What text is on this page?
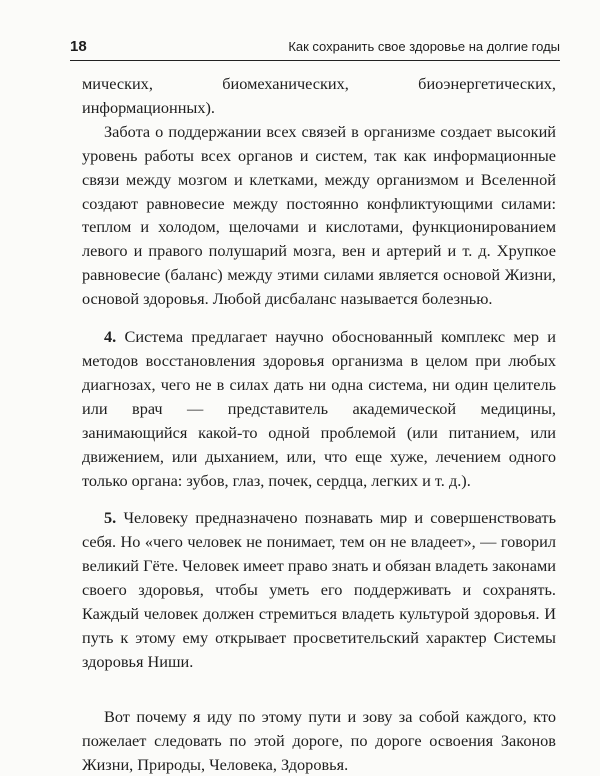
18	Как сохранить свое здоровье на долгие годы

мических, биомеханических, биоэнергетических, информационных).

Забота о поддержании всех связей в организме создает высокий уровень работы всех органов и систем, так как информационные связи между мозгом и клетками, между организмом и Вселенной создают равновесие между постоянно конфликтующими силами: теплом и холодом, щелочами и кислотами, функционированием левого и правого полушарий мозга, вен и артерий и т. д. Хрупкое равновесие (баланс) между этими силами является основой Жизни, основой здоровья. Любой дисбаланс называется болезнью.

4. Система предлагает научно обоснованный комплекс мер и методов восстановления здоровья организма в целом при любых диагнозах, чего не в силах дать ни одна система, ни один целитель или врач — представитель академической медицины, занимающийся какой-то одной проблемой (или питанием, или движением, или дыханием, или, что еще хуже, лечением одного только органа: зубов, глаз, почек, сердца, легких и т. д.).

5. Человеку предназначено познавать мир и совершенствовать себя. Но «чего человек не понимает, тем он не владеет», — говорил великий Гёте. Человек имеет право знать и обязан владеть законами своего здоровья, чтобы уметь его поддерживать и сохранять. Каждый человек должен стремиться владеть культурой здоровья. И путь к этому ему открывает просветительский характер Системы здоровья Ниши.

Вот почему я иду по этому пути и зову за собой каждого, кто пожелает следовать по этой дороге, по дороге освоения Законов Жизни, Природы, Человека, Здоровья.
